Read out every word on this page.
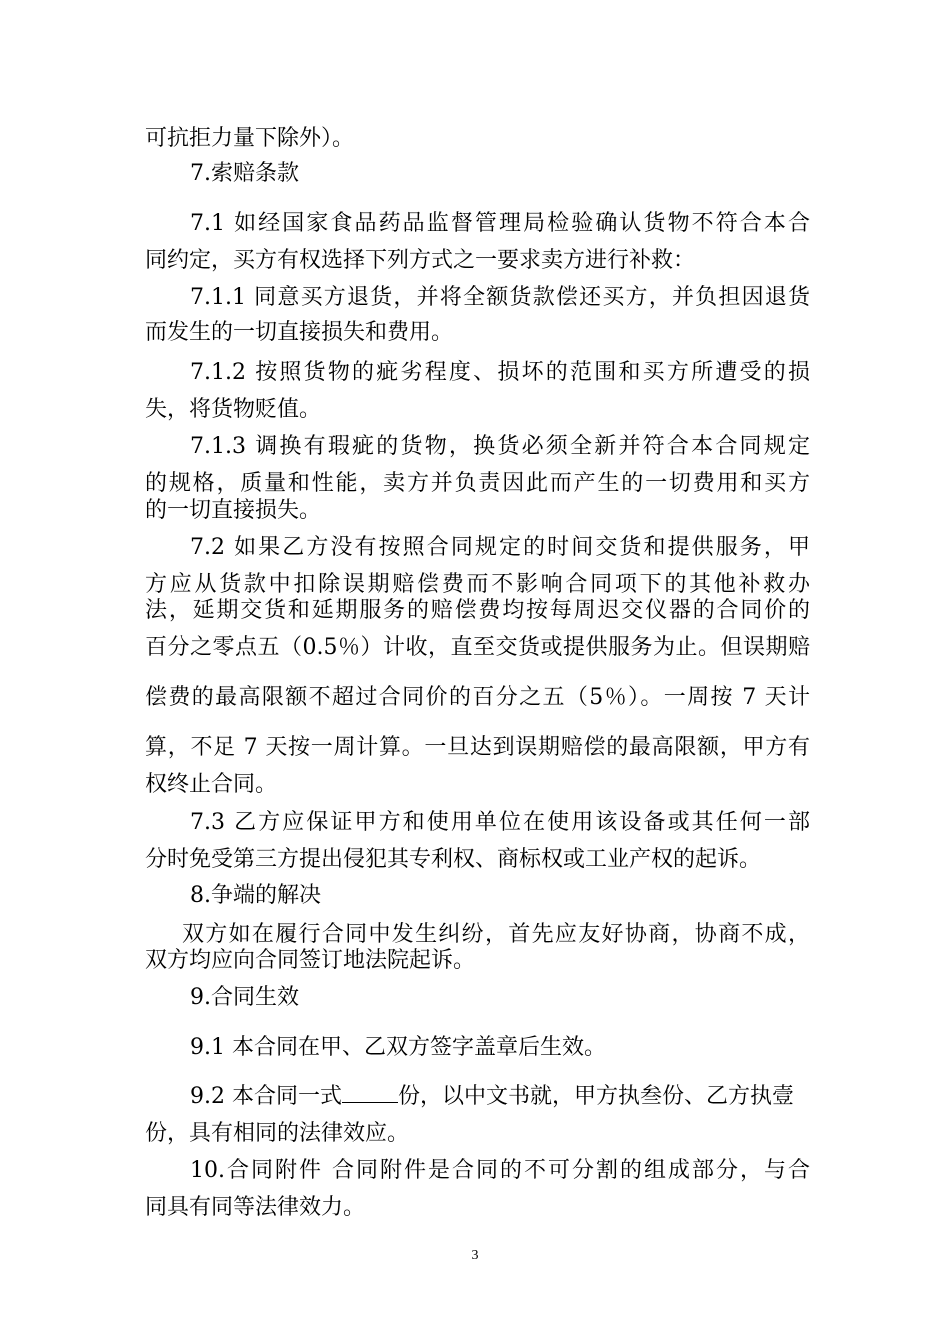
可抗拒力量下除外）。
7.索赔条款
7.1 如经国家食品药品监督管理局检验确认货物不符合本合
同约定，买方有权选择下列方式之一要求卖方进行补救：
7.1.1 同意买方退货，并将全额货款偿还买方，并负担因退货
而发生的一切直接损失和费用。
7.1.2 按照货物的疵劣程度、损坏的范围和买方所遭受的损
失，将货物贬值。
7.1.3 调换有瑕疵的货物，换货必须全新并符合本合同规定
的规格，质量和性能，卖方并负责因此而产生的一切费用和买方
的一切直接损失。
7.2 如果乙方没有按照合同规定的时间交货和提供服务，甲
方应从货款中扣除误期赔偿费而不影响合同项下的其他补救办
法，延期交货和延期服务的赔偿费均按每周迟交仪器的合同价的
百分之零点五（0.5％）计收，直至交货或提供服务为止。但误期赔
偿费的最高限额不超过合同价的百分之五（5％）。一周按 7 天计
算，不足 7 天按一周计算。一旦达到误期赔偿的最高限额，甲方有
权终止合同。
7.3 乙方应保证甲方和使用单位在使用该设备或其任何一部
分时免受第三方提出侵犯其专利权、商标权或工业产权的起诉。
8.争端的解决
双方如在履行合同中发生纠纷，首先应友好协商，协商不成，
双方均应向合同签订地法院起诉。
9.合同生效
9.1 本合同在甲、乙双方签字盖章后生效。
9.2 本合同一式	份，以中文书就，甲方执叁份、乙方执壹
份，具有相同的法律效应。
10.合同附件 合同附件是合同的不可分割的组成部分，与合
同具有同等法律效力。
3
